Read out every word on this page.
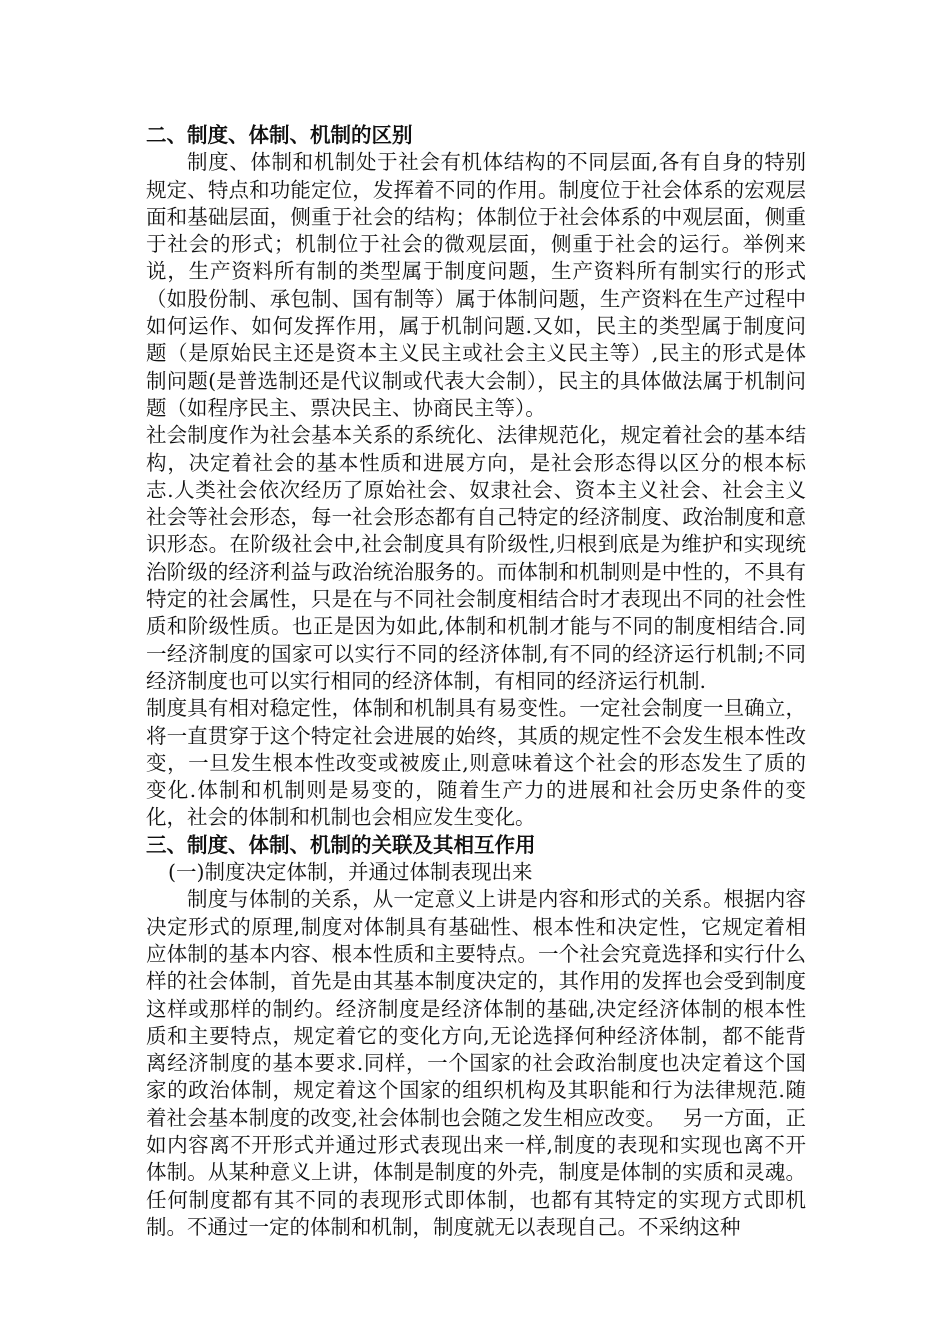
二、制度、体制、机制的区别

制度、体制和机制处于社会有机体结构的不同层面,各有自身的特别规定、特点和功能定位，发挥着不同的作用。制度位于社会体系的宏观层面和基础层面，侧重于社会的结构；体制位于社会体系的中观层面，侧重于社会的形式；机制位于社会的微观层面，侧重于社会的运行。举例来说，生产资料所有制的类型属于制度问题，生产资料所有制实行的形式（如股份制、承包制、国有制等）属于体制问题，生产资料在生产过程中如何运作、如何发挥作用，属于机制问题.又如，民主的类型属于制度问题（是原始民主还是资本主义民主或社会主义民主等）,民主的形式是体制问题(是普选制还是代议制或代表大会制），民主的具体做法属于机制问题（如程序民主、票决民主、协商民主等）。

社会制度作为社会基本关系的系统化、法律规范化，规定着社会的基本结构，决定着社会的基本性质和进展方向，是社会形态得以区分的根本标志.人类社会依次经历了原始社会、奴隶社会、资本主义社会、社会主义社会等社会形态，每一社会形态都有自己特定的经济制度、政治制度和意识形态。在阶级社会中,社会制度具有阶级性,归根到底是为维护和实现统治阶级的经济利益与政治统治服务的。而体制和机制则是中性的，不具有特定的社会属性，只是在与不同社会制度相结合时才表现出不同的社会性质和阶级性质。也正是因为如此,体制和机制才能与不同的制度相结合.同一经济制度的国家可以实行不同的经济体制,有不同的经济运行机制;不同经济制度也可以实行相同的经济体制，有相同的经济运行机制.

制度具有相对稳定性，体制和机制具有易变性。一定社会制度一旦确立，将一直贯穿于这个特定社会进展的始终，其质的规定性不会发生根本性改变，一旦发生根本性改变或被废止,则意味着这个社会的形态发生了质的变化.体制和机制则是易变的，随着生产力的进展和社会历史条件的变化，社会的体制和机制也会相应发生变化。

三、制度、体制、机制的关联及其相互作用

(一)制度决定体制，并通过体制表现出来

制度与体制的关系，从一定意义上讲是内容和形式的关系。根据内容决定形式的原理,制度对体制具有基础性、根本性和决定性，它规定着相应体制的基本内容、根本性质和主要特点。一个社会究竟选择和实行什么样的社会体制，首先是由其基本制度决定的，其作用的发挥也会受到制度这样或那样的制约。经济制度是经济体制的基础,决定经济体制的根本性质和主要特点，规定着它的变化方向,无论选择何种经济体制，都不能背离经济制度的基本要求.同样，一个国家的社会政治制度也决定着这个国家的政治体制，规定着这个国家的组织机构及其职能和行为法律规范.随着社会基本制度的改变,社会体制也会随之发生相应改变。　 另一方面，正如内容离不开形式并通过形式表现出来一样,制度的表现和实现也离不开体制。从某种意义上讲，体制是制度的外壳，制度是体制的实质和灵魂。任何制度都有其不同的表现形式即体制，也都有其特定的实现方式即机制。不通过一定的体制和机制，制度就无以表现自己。不采纳这种
